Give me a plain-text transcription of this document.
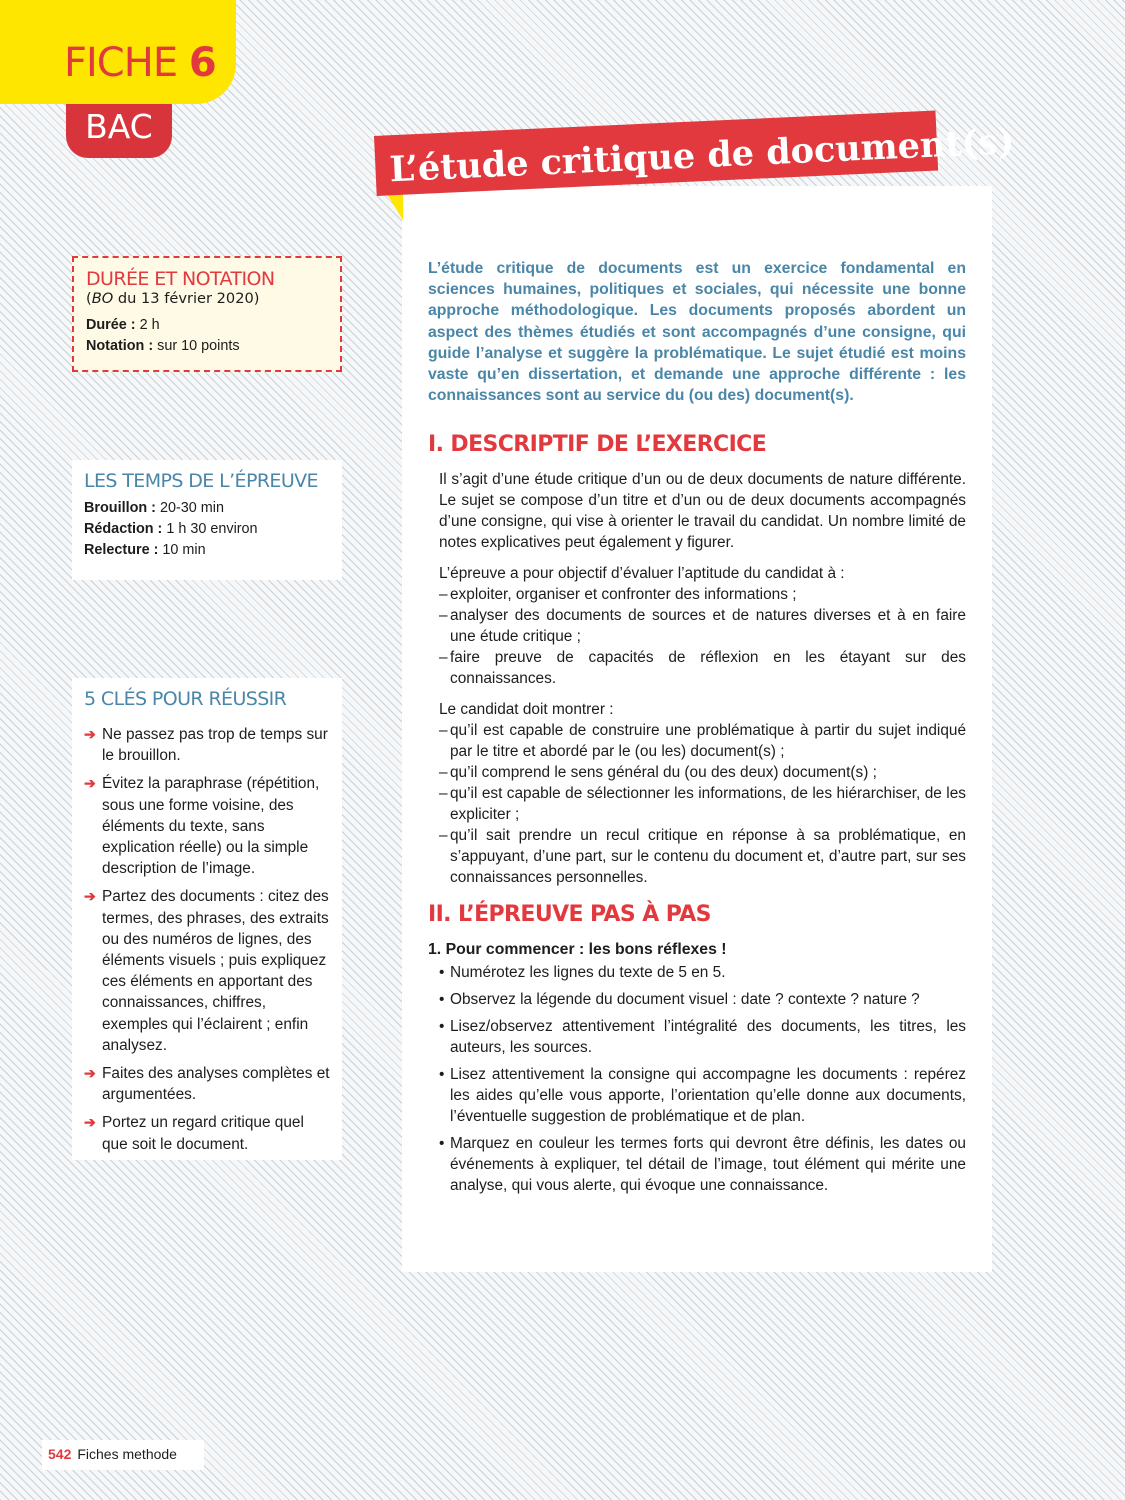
FICHE 6
BAC

L’étude critique de documents est un exercice fondamental en sciences humaines, politiques et sociales, qui nécessite une bonne approche méthodologique. Les documents proposés abordent un aspect des thèmes étudiés et sont accompagnés d’une consigne, qui guide l’analyse et suggère la problématique. Le sujet étudié est moins vaste qu’en dissertation, et demande une approche différente : les connaissances sont au service du (ou des) document(s).

I. DESCRIPTIF DE L’EXERCICE

Il s’agit d’une étude critique d’un ou de deux documents de nature différente. Le sujet se compose d’un titre et d’un ou de deux documents accompagnés d’une consigne, qui vise à orienter le travail du candidat. Un nombre limité de notes explicatives peut également y figurer.

L’épreuve a pour objectif d’évaluer l’aptitude du candidat à :

– exploiter, organiser et confronter des informations ;
– analyser des documents de sources et de natures diverses et à en faire une étude critique ;
– faire preuve de capacités de réflexion en les étayant sur des connaissances.

Le candidat doit montrer :

– qu’il est capable de construire une problématique à partir du sujet indiqué par le titre et abordé par le (ou les) document(s) ;
– qu’il comprend le sens général du (ou des deux) document(s) ;
– qu’il est capable de sélectionner les informations, de les hiérarchiser, de les expliciter ;
– qu’il sait prendre un recul critique en réponse à sa problématique, en s’appuyant, d’une part, sur le contenu du document et, d’autre part, sur ses connaissances personnelles.
II. L’ÉPREUVE PAS À PAS

1. Pour commencer : les bons réflexes !

• Numérotez les lignes du texte de 5 en 5.
• Observez la légende du document visuel : date ? contexte ? nature ?
• Lisez/observez attentivement l’intégralité des documents, les titres, les auteurs, les sources.
• Lisez attentivement la consigne qui accompagne les documents : repérez les aides qu’elle vous apporte, l’orientation qu’elle donne aux documents, l’éventuelle suggestion de problématique et de plan.
• Marquez en couleur les termes forts qui devront être définis, les dates ou événements à expliquer, tel détail de l’image, tout élément qui mérite une analyse, qui vous alerte, qui évoque une connaissance.
L’étude critique de document(s)
DURÉE ET NOTATION
(BO du 13 février 2020)
Durée : 2 h
Notation : sur 10 points
LES TEMPS DE L’ÉPREUVE
Brouillon : 20-30 min
Rédaction : 1 h 30 environ
Relecture : 10 min
5 CLÉS POUR RÉUSSIR
➔ Ne passez pas trop de temps sur le brouillon.
➔ Évitez la paraphrase (répétition, sous une forme voisine, des éléments du texte, sans explication réelle) ou la simple description de l’image.
➔ Partez des documents : citez des termes, des phrases, des extraits ou des numéros de lignes, des éléments visuels ; puis expliquez ces éléments en apportant des connaissances, chiffres, exemples qui l’éclairent ; enfin analysez.
➔ Faites des analyses complètes et argumentées.
➔ Portez un regard critique quel que soit le document.
542 Fiches methode
